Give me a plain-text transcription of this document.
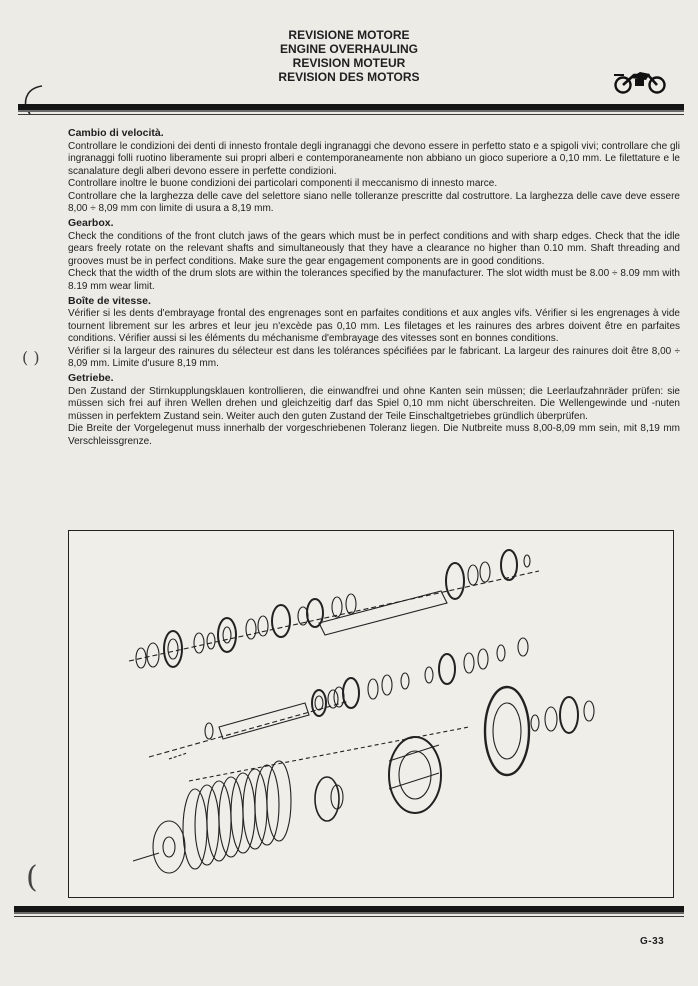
REVISIONE MOTORE
ENGINE OVERHAULING
REVISION MOTEUR
REVISION DES MOTORS
Cambio di velocità.

Controllare le condizioni dei denti di innesto frontale degli ingranaggi che devono essere in perfetto stato e a spigoli vivi; controllare che gli ingranaggi folli ruotino liberamente sui propri alberi e contemporaneamente non abbiano un gioco superiore a 0,10 mm. Le filettature e le scanalature degli alberi devono essere in perfette condizioni.

Controllare inoltre le buone condizioni dei particolari componenti il meccanismo di innesto marce.

Controllare che la larghezza delle cave del selettore siano nelle tolleranze prescritte dal costruttore. La larghezza delle cave deve essere 8,00 ÷ 8,09 mm con limite di usura a 8,19 mm.

Gearbox.

Check the conditions of the front clutch jaws of the gears which must be in perfect conditions and with sharp edges. Check that the idle gears freely rotate on the relevant shafts and simultaneously that they have a clearance no higher than 0.10 mm. Shaft threading and grooves must be in perfect conditions. Make sure the gear engagement components are in good conditions.

Check that the width of the drum slots are within the tolerances specified by the manufacturer. The slot width must be 8.00 ÷ 8.09 mm with 8.19 mm wear limit.

Boîte de vitesse.

Vérifier si les dents d'embrayage frontal des engrenages sont en parfaites conditions et aux angles vifs. Vérifier si les engrenages à vide tournent librement sur les arbres et leur jeu n'excède pas 0,10 mm. Les filetages et les rainures des arbres doivent être en parfaites conditions. Vérifier aussi si les éléments du méchanisme d'embrayage des vitesses sont en bonnes conditions.

Vérifier si la largeur des rainures du sélecteur est dans les tolérances spécifiées par le fabricant. La largeur des rainures doit être 8,00 ÷ 8,09 mm. Limite d'usure 8,19 mm.

Getriebe.

Den Zustand der Stirnkupplungsklauen kontrollieren, die einwandfrei und ohne Kanten sein müssen; die Leerlaufzahnräder prüfen: sie müssen sich frei auf ihren Wellen drehen und gleichzeitig darf das Spiel 0,10 mm nicht überschreiten. Die Wellengewinde und -nuten müssen in perfektem Zustand sein. Weiter auch den guten Zustand der Teile Einschaltgetriebes gründlich überprüfen.

Die Breite der Vorgelegenut muss innerhalb der vorgeschriebenen Toleranz liegen. Die Nutbreite muss 8,00-8,09 mm sein, mit 8,19 mm Verschleissgrenze.

( )
(
G-33
